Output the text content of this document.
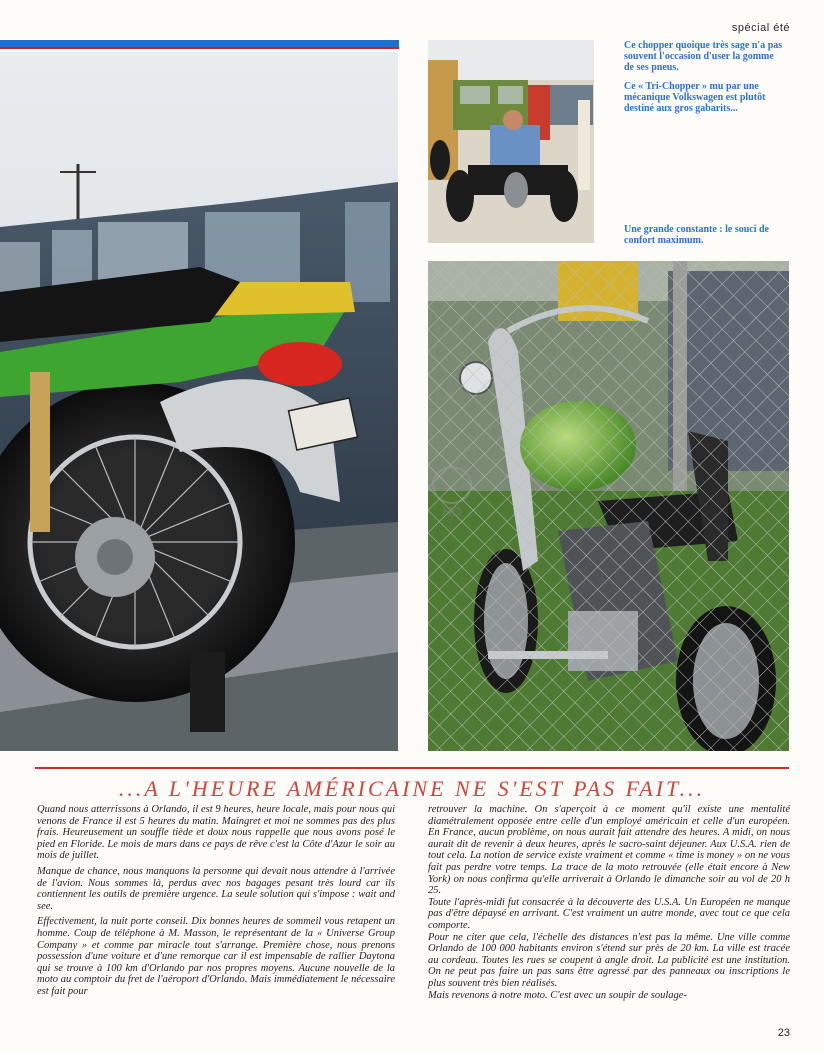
spécial été

Ce chopper quoique très sage n'a pas souvent l'occasion d'user la gomme de ses pneus.

Ce « Tri-Chopper » mu par une mécanique Volkswagen est plutôt destiné aux gros gabarits...

Une grande constante : le souci de confort maximum.
HD
...A L'HEURE AMÉRICAINE NE S'EST PAS FAIT...

Quand nous atterrissons à Orlando, il est 9 heures, heure locale, mais pour nous qui venons de France il est 5 heures du matin. Maingret et moi ne sommes pas des plus frais. Heureusement un souffle tiède et doux nous rappelle que nous avons posé le pied en Floride. Le mois de mars dans ce pays de rêve c'est la Côte d'Azur le soir au mois de juillet.

Manque de chance, nous manquons la personne qui devait nous attendre à l'arrivée de l'avion. Nous sommes là, perdus avec nos bagages pesant très lourd car ils contiennent les outils de première urgence. La seule solution qui s'impose : wait and see.

Effectivement, la nuit porte conseil. Dix bonnes heures de sommeil vous retapent un homme. Coup de téléphone à M. Masson, le représentant de la « Universe Group Company » et comme par miracle tout s'arrange. Première chose, nous prenons possession d'une voiture et d'une remorque car il est impensable de rallier Daytona qui se trouve à 100 km d'Orlando par nos propres moyens. Aucune nouvelle de la moto au comptoir du fret de l'aéroport d'Orlando. Mais immédiatement le nécessaire est fait pour

retrouver la machine. On s'aperçoit à ce moment qu'il existe une mentalité diamétralement opposée entre celle d'un employé américain et celle d'un européen. En France, aucun problème, on nous aurait fait attendre des heures. A midi, on nous aurait dit de revenir à deux heures, après le sacro-saint déjeuner. Aux U.S.A. rien de tout cela. La notion de service existe vraiment et comme « time is money » on ne vous fait pas perdre votre temps. La trace de la moto retrouvée (elle était encore à New York) on nous confirma qu'elle arriverait à Orlando le dimanche soir au vol de 20 h 25.

Toute l'après-midi fut consacrée à la découverte des U.S.A. Un Européen ne manque pas d'être dépaysé en arrivant. C'est vraiment un autre monde, avec tout ce que cela comporte.

Pour ne citer que cela, l'échelle des distances n'est pas la même. Une ville comme Orlando de 100 000 habitants environ s'étend sur près de 20 km. La ville est tracée au cordeau. Toutes les rues se coupent à angle droit. La publicité est une institution. On ne peut pas faire un pas sans être agressé par des panneaux ou inscriptions le plus souvent très bien réalisés.

Mais revenons à notre moto. C'est avec un soupir de soulage-

23
